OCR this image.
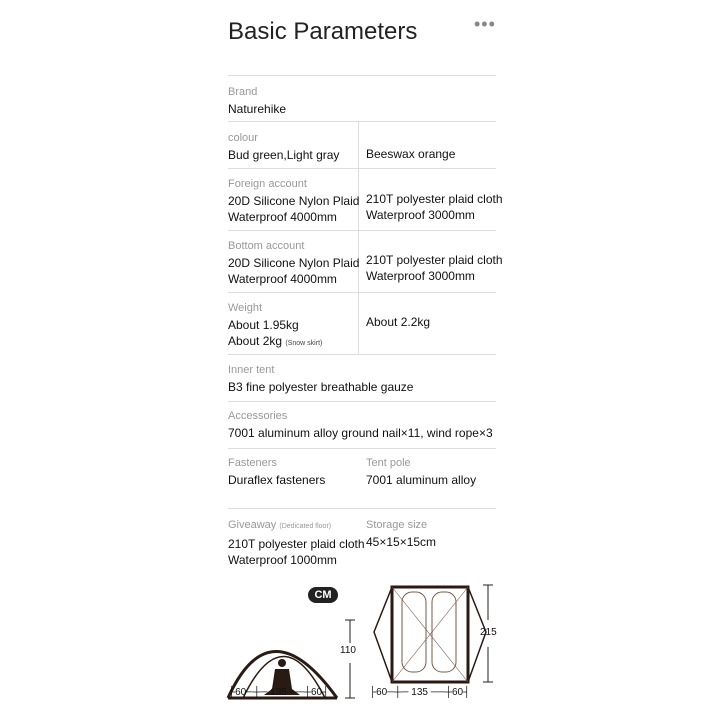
Basic Parameters	•••
Brand
Naturehike
colour
Bud green,Light gray Beeswax orange
Foreign account
20D Silicone Nylon Plaid
Waterproof 4000mm
210T polyester plaid cloth
Waterproof 3000mm
Bottom account
20D Silicone Nylon Plaid
Waterproof 4000mm
210T polyester plaid cloth
Waterproof 3000mm
Weight
About 1.95kg
About 2kg (Snow skirt)
About 2.2kg
Inner tent
B3 fine polyester breathable gauze
Accessories
7001 aluminum alloy ground nail×11, wind rope×3
Fasteners
Duraflex fasteners
Tent pole
7001 aluminum alloy
Giveaway (Dedicated floor)
210T polyester plaid cloth
Waterproof 1000mm
Storage size
45×15×15cm
CM
110
215
├60─┼─ 135 ──┼60┤	├60─┼─ 135 ──┼60┤
